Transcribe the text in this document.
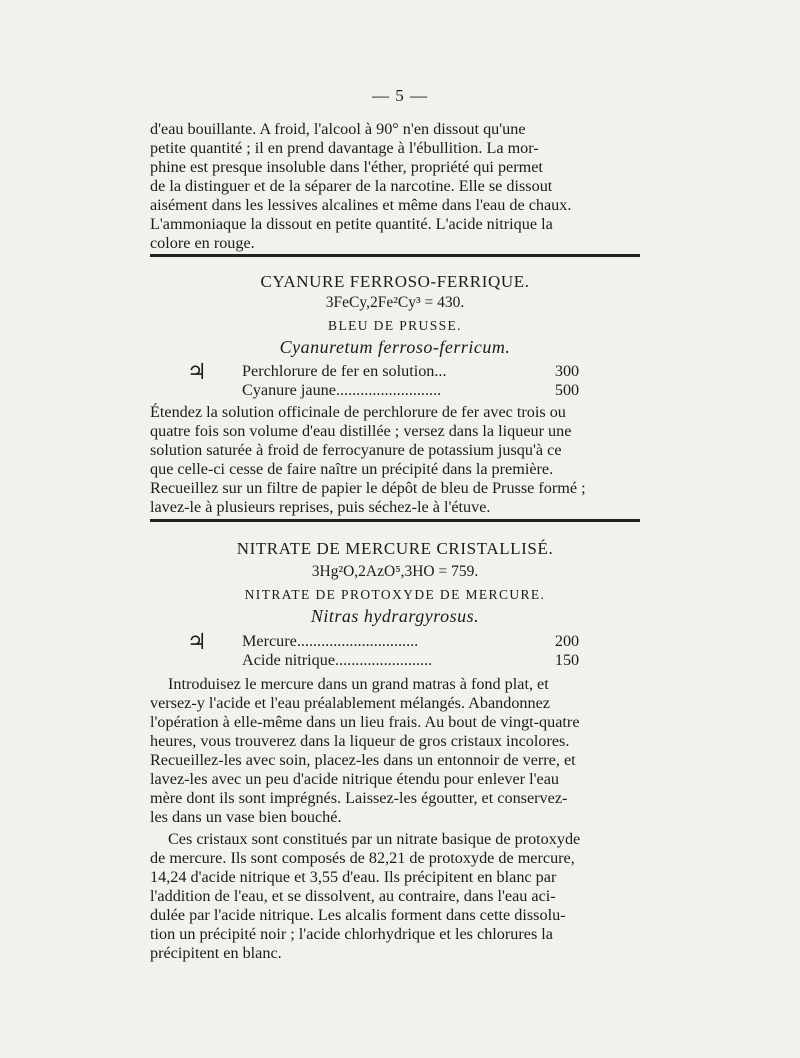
— 5 —
d'eau bouillante. A froid, l'alcool à 90° n'en dissout qu'une
petite quantité ; il en prend davantage à l'ébullition. La mor-
phine est presque insoluble dans l'éther, propriété qui permet
de la distinguer et de la séparer de la narcotine. Elle se dissout
aisément dans les lessives alcalines et même dans l'eau de chaux.
L'ammoniaque la dissout en petite quantité. L'acide nitrique la
colore en rouge.
CYANURE FERROSO-FERRIQUE.
3FeCy,2Fe²Cy³ = 430.
BLEU DE PRUSSE.
Cyanuretum ferroso-ferricum.
♃ Perchlorure de fer en solution...	300
Cyanure jaune..........................	500
Étendez la solution officinale de perchlorure de fer avec trois ou
quatre fois son volume d'eau distillée ; versez dans la liqueur une
solution saturée à froid de ferrocyanure de potassium jusqu'à ce
que celle-ci cesse de faire naître un précipité dans la première.
Recueillez sur un filtre de papier le dépôt de bleu de Prusse formé ;
lavez-le à plusieurs reprises, puis séchez-le à l'étuve.
NITRATE DE MERCURE CRISTALLISÉ.
3Hg²O,2AzO⁵,3HO = 759.
NITRATE DE PROTOXYDE DE MERCURE.
Nitras hydrargyrosus.
♃ Mercure..............................	200
Acide nitrique........................	150
Introduisez le mercure dans un grand matras à fond plat, et
versez-y l'acide et l'eau préalablement mélangés. Abandonnez
l'opération à elle-même dans un lieu frais. Au bout de vingt-quatre
heures, vous trouverez dans la liqueur de gros cristaux incolores.
Recueillez-les avec soin, placez-les dans un entonnoir de verre, et
lavez-les avec un peu d'acide nitrique étendu pour enlever l'eau
mère dont ils sont imprégnés. Laissez-les égoutter, et conservez-
les dans un vase bien bouché.
Ces cristaux sont constitués par un nitrate basique de protoxyde
de mercure. Ils sont composés de 82,21 de protoxyde de mercure,
14,24 d'acide nitrique et 3,55 d'eau. Ils précipitent en blanc par
l'addition de l'eau, et se dissolvent, au contraire, dans l'eau aci-
dulée par l'acide nitrique. Les alcalis forment dans cette dissolu-
tion un précipité noir ; l'acide chlorhydrique et les chlorures la
précipitent en blanc.
